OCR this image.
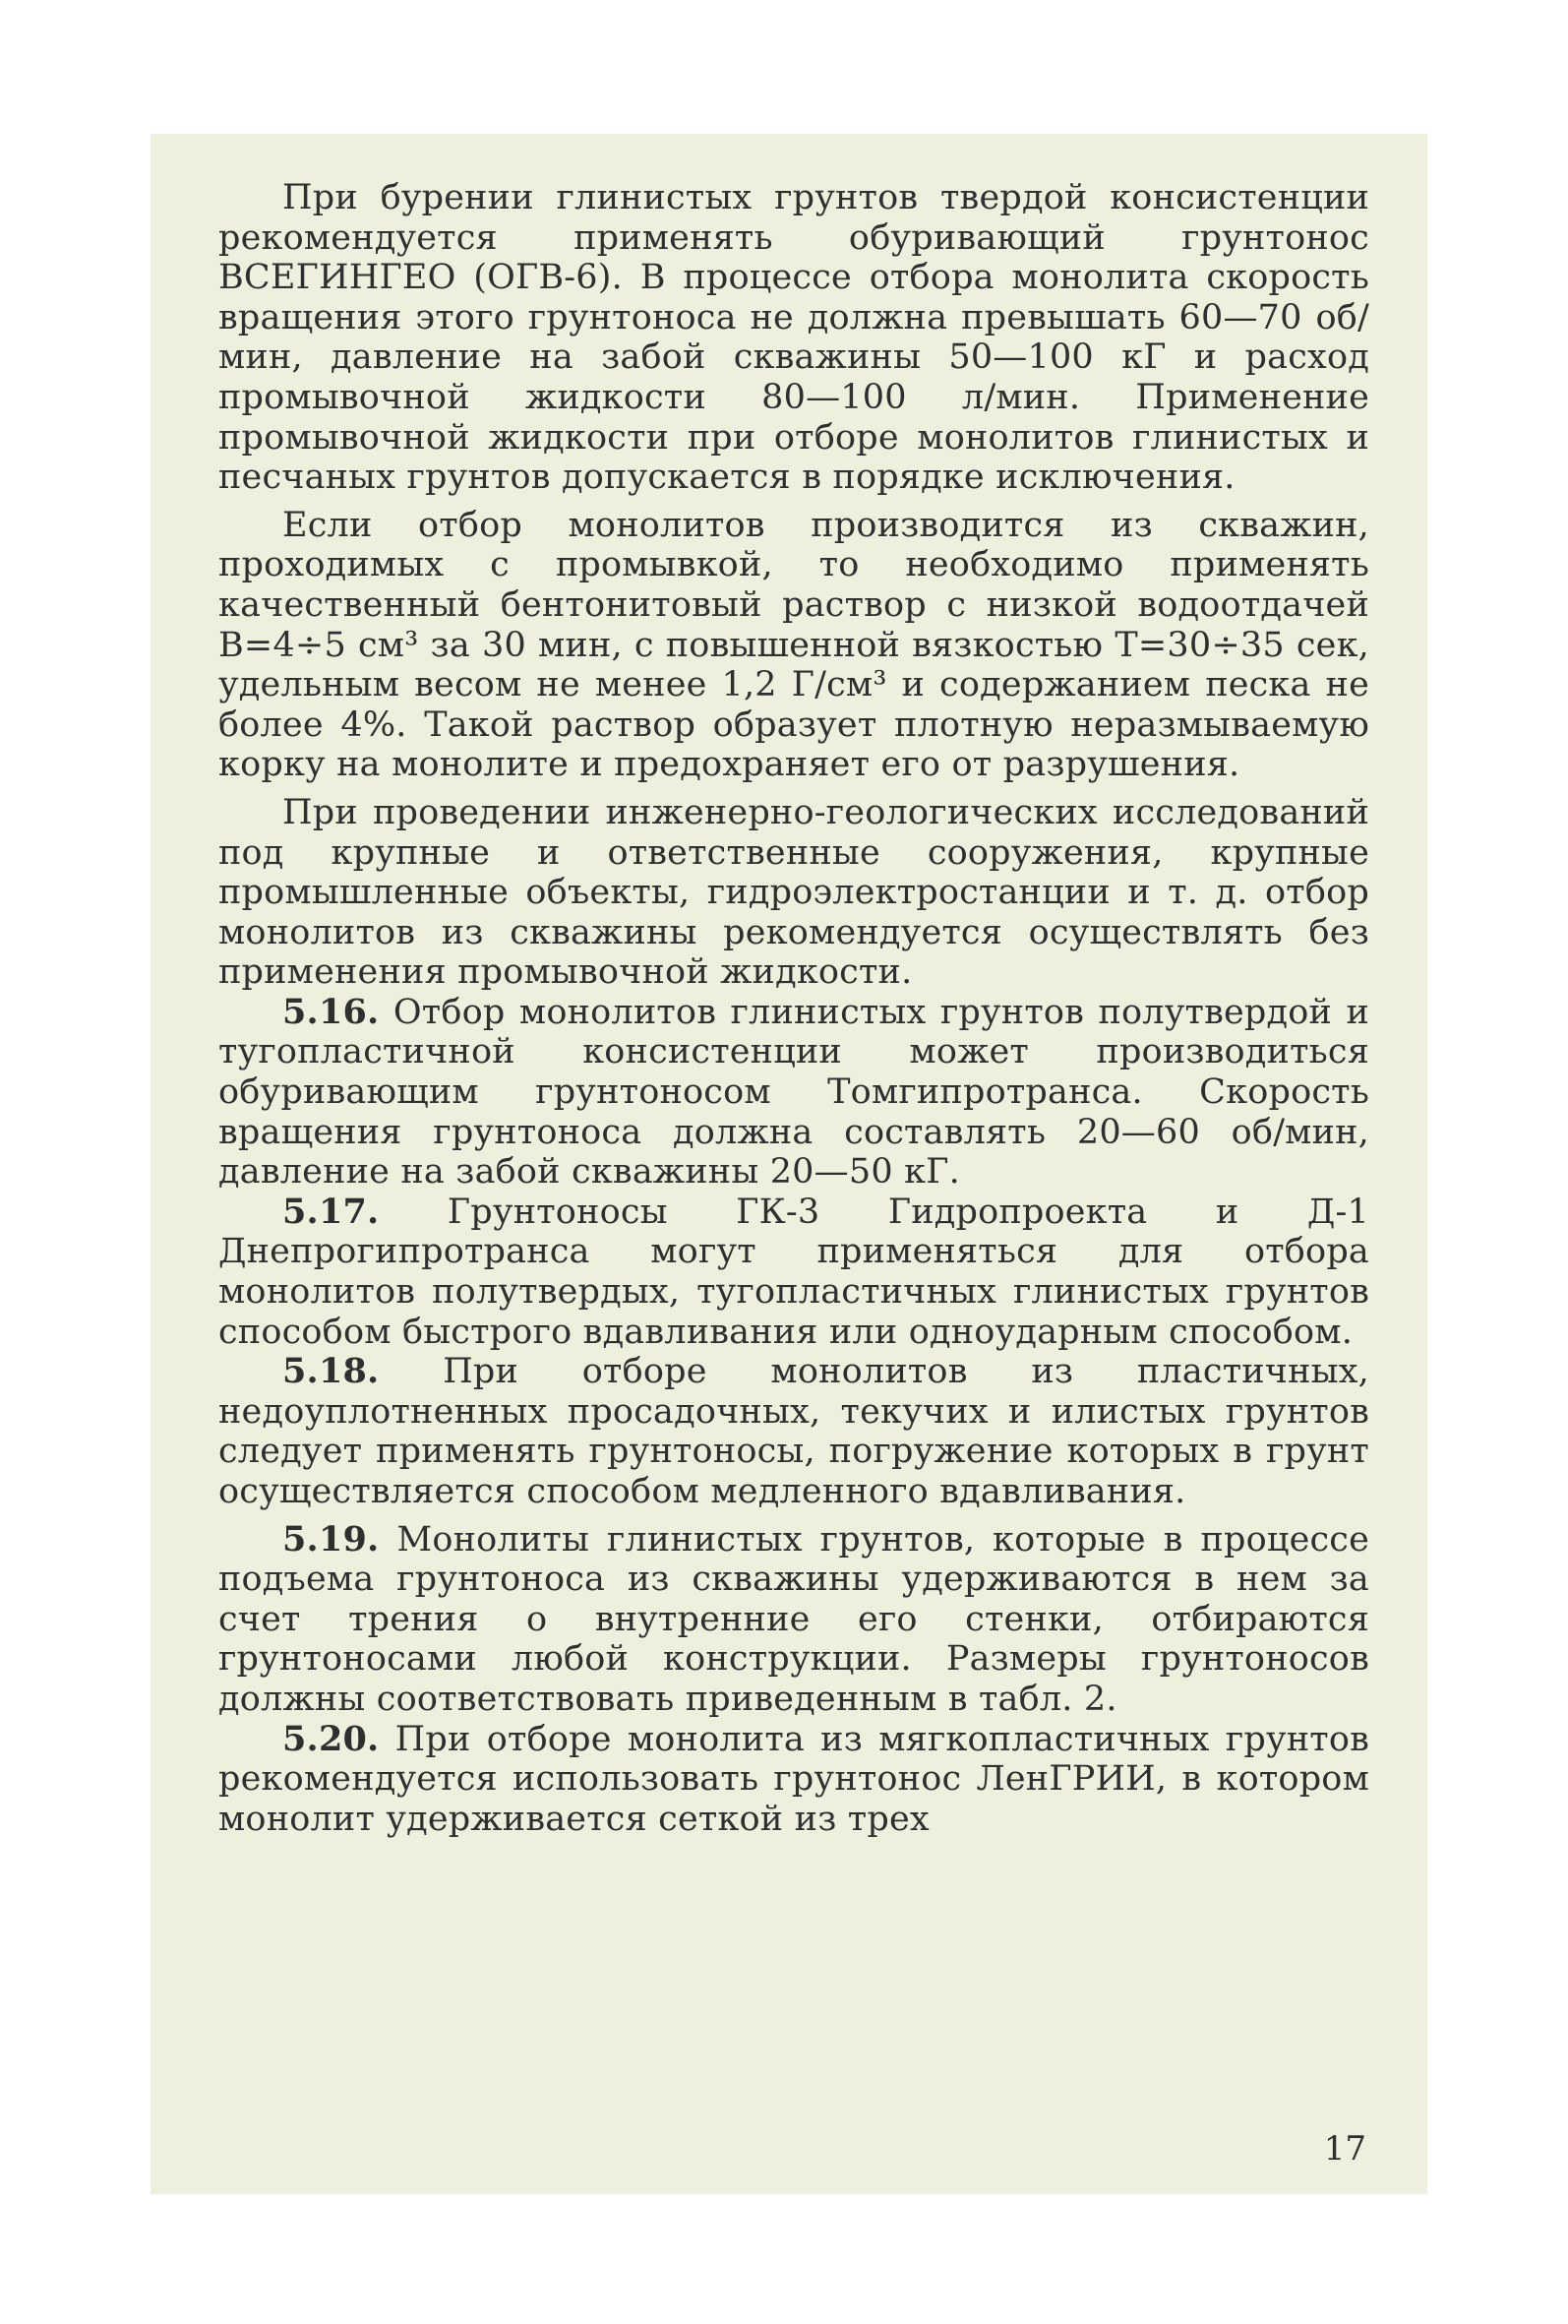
При бурении глинистых грунтов твердой консистенции рекомендуется применять обуривающий грунтонос ВСЕГИНГЕО (ОГВ-6). В процессе отбора монолита скорость вращения этого грунтоноса не должна превышать 60—70 об/мин, давление на забой скважины 50—100 кГ и расход промывочной жидкости 80—100 л/мин. Применение промывочной жидкости при отборе монолитов глинистых и песчаных грунтов допускается в порядке исключения.

Если отбор монолитов производится из скважин, проходимых с промывкой, то необходимо применять качественный бентонитовый раствор с низкой водоотдачей B=4÷5 см³ за 30 мин, с повышенной вязкостью T=30÷35 сек, удельным весом не менее 1,2 Г/см³ и содержанием песка не более 4%. Такой раствор образует плотную неразмываемую корку на монолите и предохраняет его от разрушения.

При проведении инженерно-геологических исследований под крупные и ответственные сооружения, крупные промышленные объекты, гидроэлектростанции и т. д. отбор монолитов из скважины рекомендуется осуществлять без применения промывочной жидкости.

5.16. Отбор монолитов глинистых грунтов полутвердой и тугопластичной консистенции может производиться обуривающим грунтоносом Томгипротранса. Скорость вращения грунтоноса должна составлять 20—60 об/мин, давление на забой скважины 20—50 кГ.

5.17. Грунтоносы ГК-3 Гидропроекта и Д-1 Днепрогипротранса могут применяться для отбора монолитов полутвердых, тугопластичных глинистых грунтов способом быстрого вдавливания или одноударным способом.

5.18. При отборе монолитов из пластичных, недоуплотненных просадочных, текучих и илистых грунтов следует применять грунтоносы, погружение которых в грунт осуществляется способом медленного вдавливания.

5.19. Монолиты глинистых грунтов, которые в процессе подъема грунтоноса из скважины удерживаются в нем за счет трения о внутренние его стенки, отбираются грунтоносами любой конструкции. Размеры грунтоносов должны соответствовать приведенным в табл. 2.

5.20. При отборе монолита из мягкопластичных грунтов рекомендуется использовать грунтонос ЛенГРИИ, в котором монолит удерживается сеткой из трех

17
